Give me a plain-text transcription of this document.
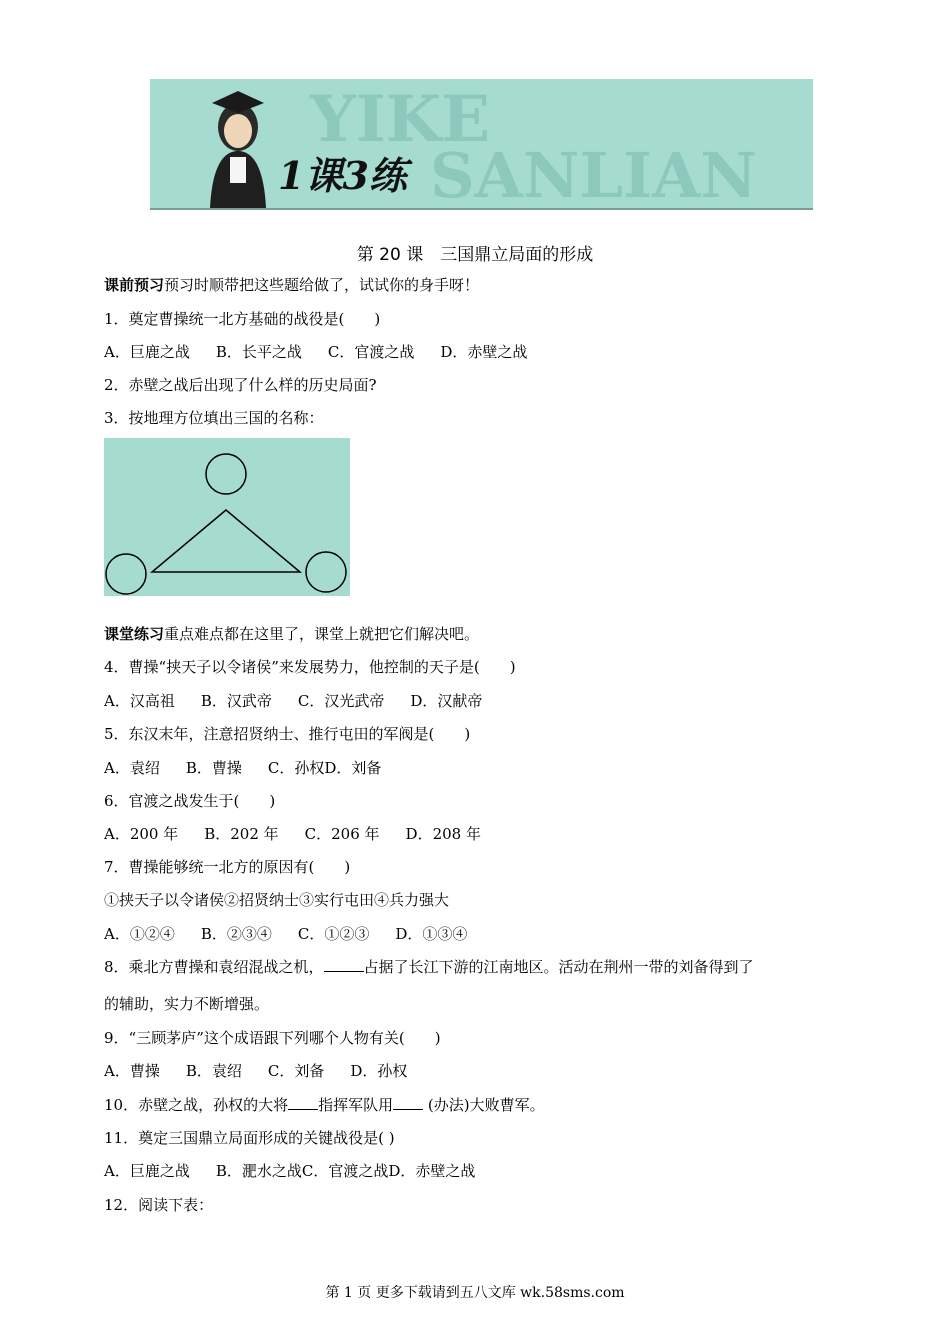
YIKE
SANLIAN
1课3练
第 20 课　三国鼎立局面的形成
课前预习预习时顺带把这些题给做了，试试你的身手呀！
1．奠定曹操统一北方基础的战役是(　　)
A．巨鹿之战 B．长平之战 C．官渡之战 D．赤壁之战
2．赤壁之战后出现了什么样的历史局面?
3．按地理方位填出三国的名称：
课堂练习重点难点都在这里了，课堂上就把它们解决吧。
4．曹操“挟天子以令诸侯”来发展势力，他控制的天子是(　　)
A．汉高祖 B．汉武帝 C．汉光武帝 D．汉献帝
5．东汉末年，注意招贤纳士、推行屯田的军阀是(　　)
A．袁绍 B．曹操 C．孙权D．刘备
6．官渡之战发生于(　　)
A．200 年 B．202 年 C．206 年 D．208 年
7．曹操能够统一北方的原因有(　　)
①挟天子以令诸侯②招贤纳士③实行屯田④兵力强大
A．①②④ B．②③④ C．①②③ D．①③④
8．乘北方曹操和袁绍混战之机，	占据了长江下游的江南地区。活动在荆州一带的刘备得到了
的辅助，实力不断增强。
9．“三顾茅庐”这个成语跟下列哪个人物有关(　　)
A．曹操 B．袁绍 C．刘备 D．孙权
10．赤壁之战，孙权的大将 指挥军队用 (办法)大败曹军。
11．奠定三国鼎立局面形成的关键战役是( )
A．巨鹿之战 B．淝水之战C．官渡之战D．赤壁之战
12．阅读下表：
第 1 页 更多下载请到五八文库 wk.58sms.com
